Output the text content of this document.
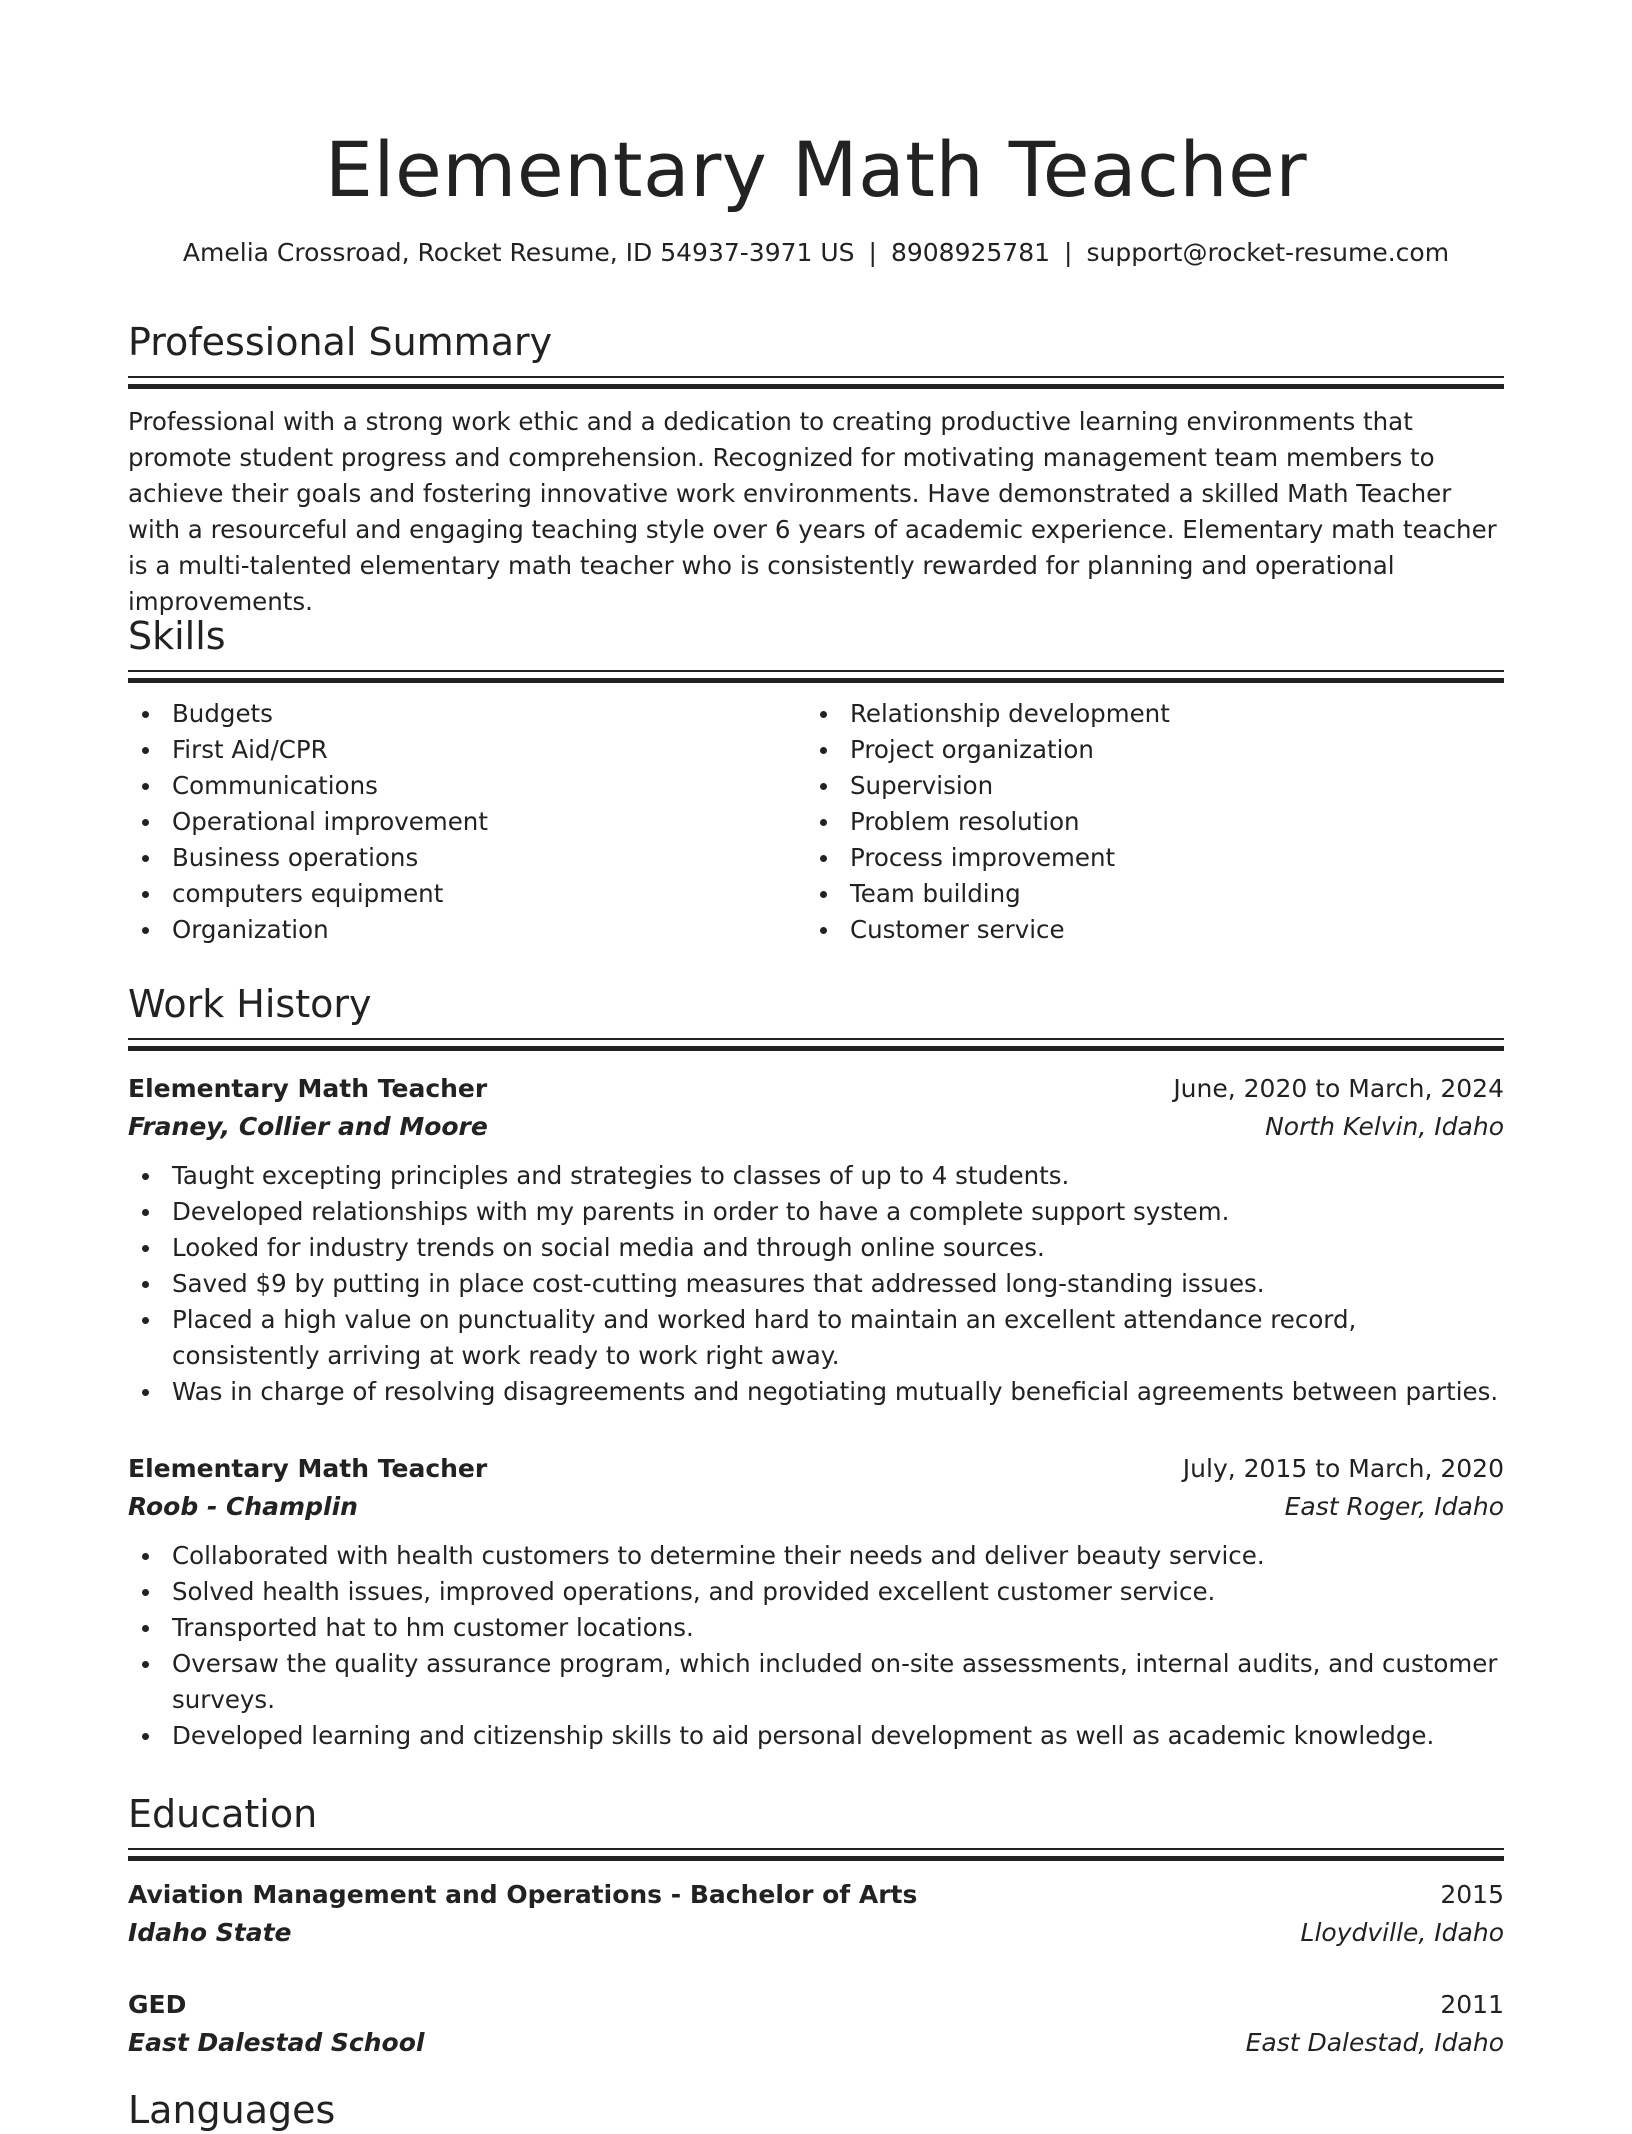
Elementary Math Teacher
Amelia Crossroad, Rocket Resume, ID 54937-3971 US | 8908925781 | support@rocket-resume.com
Professional Summary
Professional with a strong work ethic and a dedication to creating productive learning environments that promote student progress and comprehension. Recognized for motivating management team members to achieve their goals and fostering innovative work environments. Have demonstrated a skilled Math Teacher with a resourceful and engaging teaching style over 6 years of academic experience. Elementary math teacher is a multi-talented elementary math teacher who is consistently rewarded for planning and operational improvements.
Skills
Budgets
First Aid/CPR
Communications
Operational improvement
Business operations
computers equipment
Organization
Relationship development
Project organization
Supervision
Problem resolution
Process improvement
Team building
Customer service
Work History
Elementary Math Teacher	June, 2020 to March, 2024
Franey, Collier and Moore	North Kelvin, Idaho
Taught excepting principles and strategies to classes of up to 4 students.
Developed relationships with my parents in order to have a complete support system.
Looked for industry trends on social media and through online sources.
Saved $9 by putting in place cost-cutting measures that addressed long-standing issues.
Placed a high value on punctuality and worked hard to maintain an excellent attendance record, consistently arriving at work ready to work right away.
Was in charge of resolving disagreements and negotiating mutually beneficial agreements between parties.
Elementary Math Teacher	July, 2015 to March, 2020
Roob - Champlin	East Roger, Idaho
Collaborated with health customers to determine their needs and deliver beauty service.
Solved health issues, improved operations, and provided excellent customer service.
Transported hat to hm customer locations.
Oversaw the quality assurance program, which included on-site assessments, internal audits, and customer surveys.
Developed learning and citizenship skills to aid personal development as well as academic knowledge.
Education
Aviation Management and Operations - Bachelor of Arts	2015
Idaho State	Lloydville, Idaho
GED	2011
East Dalestad School	East Dalestad, Idaho
Languages
